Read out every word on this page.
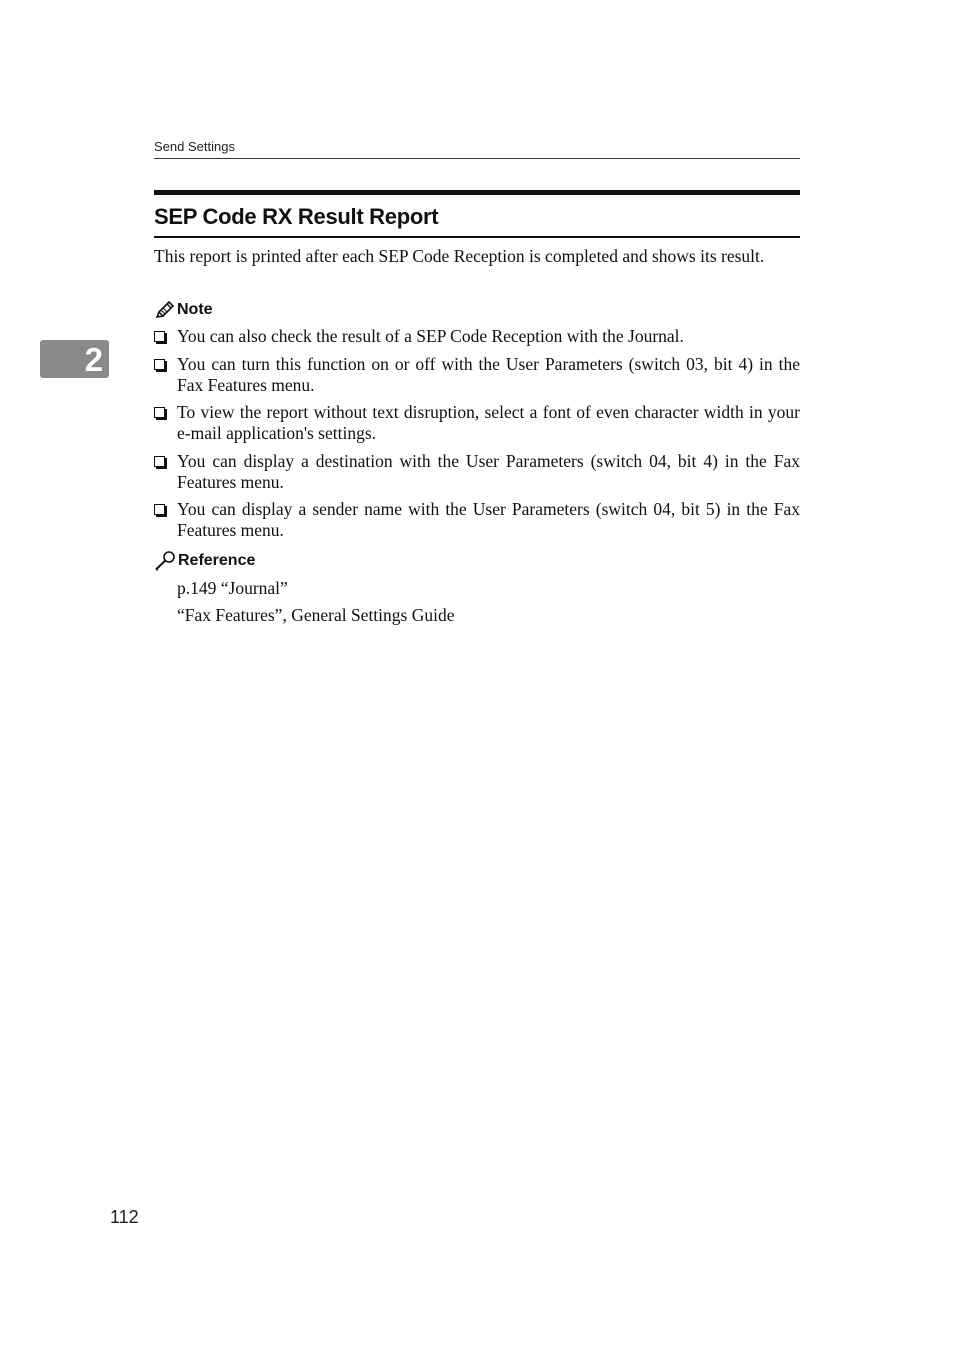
Send Settings
SEP Code RX Result Report

This report is printed after each SEP Code Reception is completed and shows its result.

2
Note
You can also check the result of a SEP Code Reception with the Journal.
You can turn this function on or off with the User Parameters (switch 03, bit 4) in the Fax Features menu.
To view the report without text disruption, select a font of even character width in your e-mail application's settings.
You can display a destination with the User Parameters (switch 04, bit 4) in the Fax Features menu.
You can display a sender name with the User Parameters (switch 04, bit 5) in the Fax Features menu.
Reference
p.149 “Journal”
“Fax Features”, General Settings Guide
112
